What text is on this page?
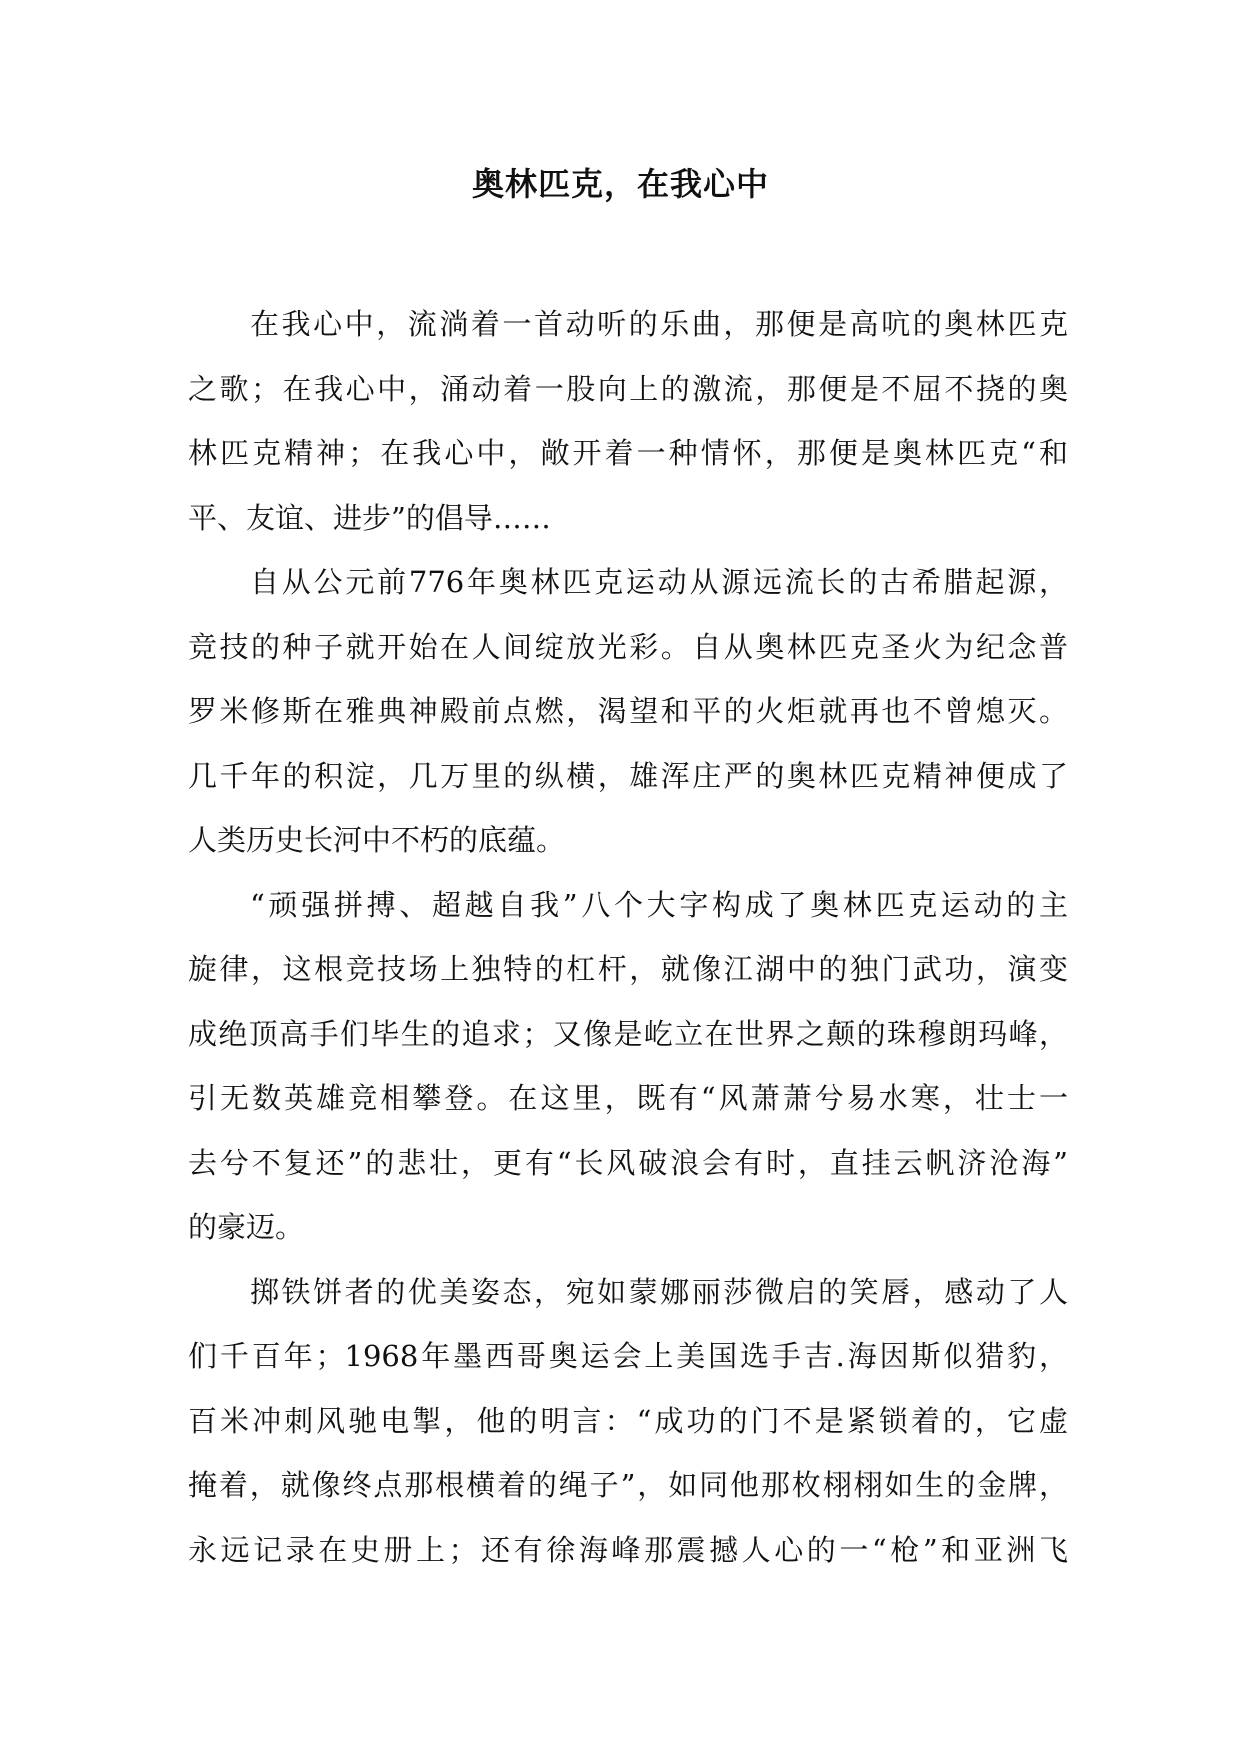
奥林匹克，在我心中
在我心中，流淌着一首动听的乐曲，那便是高吭的奥林匹克
之歌；在我心中，涌动着一股向上的激流，那便是不屈不挠的奥
林匹克精神；在我心中，敞开着一种情怀，那便是奥林匹克“和
平、友谊、进步”的倡导……
自从公元前776年奥林匹克运动从源远流长的古希腊起源，
竞技的种子就开始在人间绽放光彩。自从奥林匹克圣火为纪念普
罗米修斯在雅典神殿前点燃，渴望和平的火炬就再也不曾熄灭。
几千年的积淀，几万里的纵横，雄浑庄严的奥林匹克精神便成了
人类历史长河中不朽的底蕴。
“顽强拼搏、超越自我”八个大字构成了奥林匹克运动的主
旋律，这根竞技场上独特的杠杆，就像江湖中的独门武功，演变
成绝顶高手们毕生的追求；又像是屹立在世界之颠的珠穆朗玛峰，
引无数英雄竞相攀登。在这里，既有“风萧萧兮易水寒，壮士一
去兮不复还”的悲壮，更有“长风破浪会有时，直挂云帆济沧海”
的豪迈。
掷铁饼者的优美姿态，宛如蒙娜丽莎微启的笑唇，感动了人
们千百年；1968年墨西哥奥运会上美国选手吉.海因斯似猎豹，
百米冲刺风驰电掣，他的明言：“成功的门不是紧锁着的，它虚
掩着，就像终点那根横着的绳子”，如同他那枚栩栩如生的金牌，
永远记录在史册上；还有徐海峰那震撼人心的一“枪”和亚洲飞
